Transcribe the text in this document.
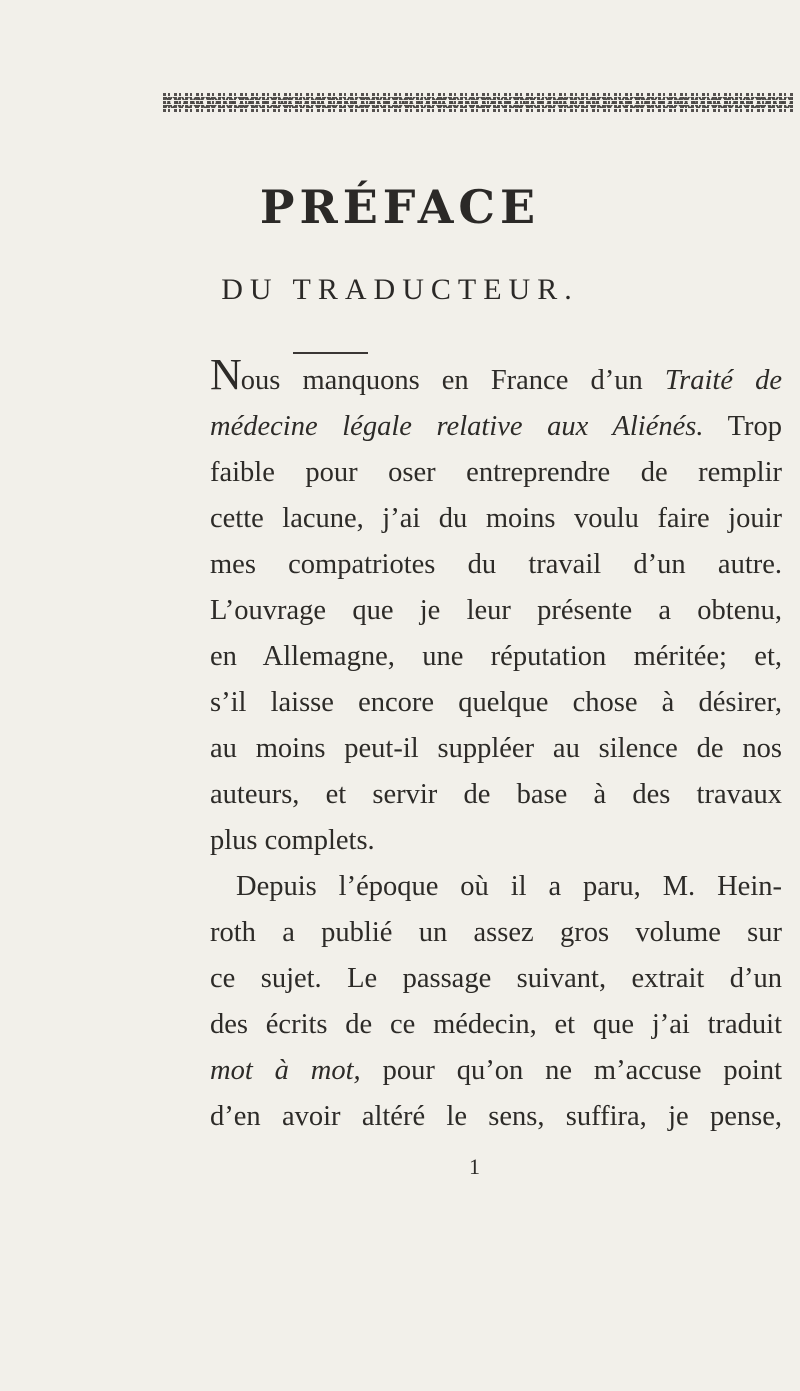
PRÉFACE
DU TRADUCTEUR.
Nous manquons en France d’un Traité de
médecine légale relative aux Aliénés. Trop
faible pour oser entreprendre de remplir
cette lacune, j’ai du moins voulu faire jouir
mes compatriotes du travail d’un autre.
L’ouvrage que je leur présente a obtenu,
en Allemagne, une réputation méritée; et,
s’il laisse encore quelque chose à désirer,
au moins peut-il suppléer au silence de nos
auteurs, et servir de base à des travaux
plus complets.
Depuis l’époque où il a paru, M. Hein-
roth a publié un assez gros volume sur
ce sujet. Le passage suivant, extrait d’un
des écrits de ce médecin, et que j’ai traduit
mot à mot, pour qu’on ne m’accuse point
d’en avoir altéré le sens, suffira, je pense,
1
